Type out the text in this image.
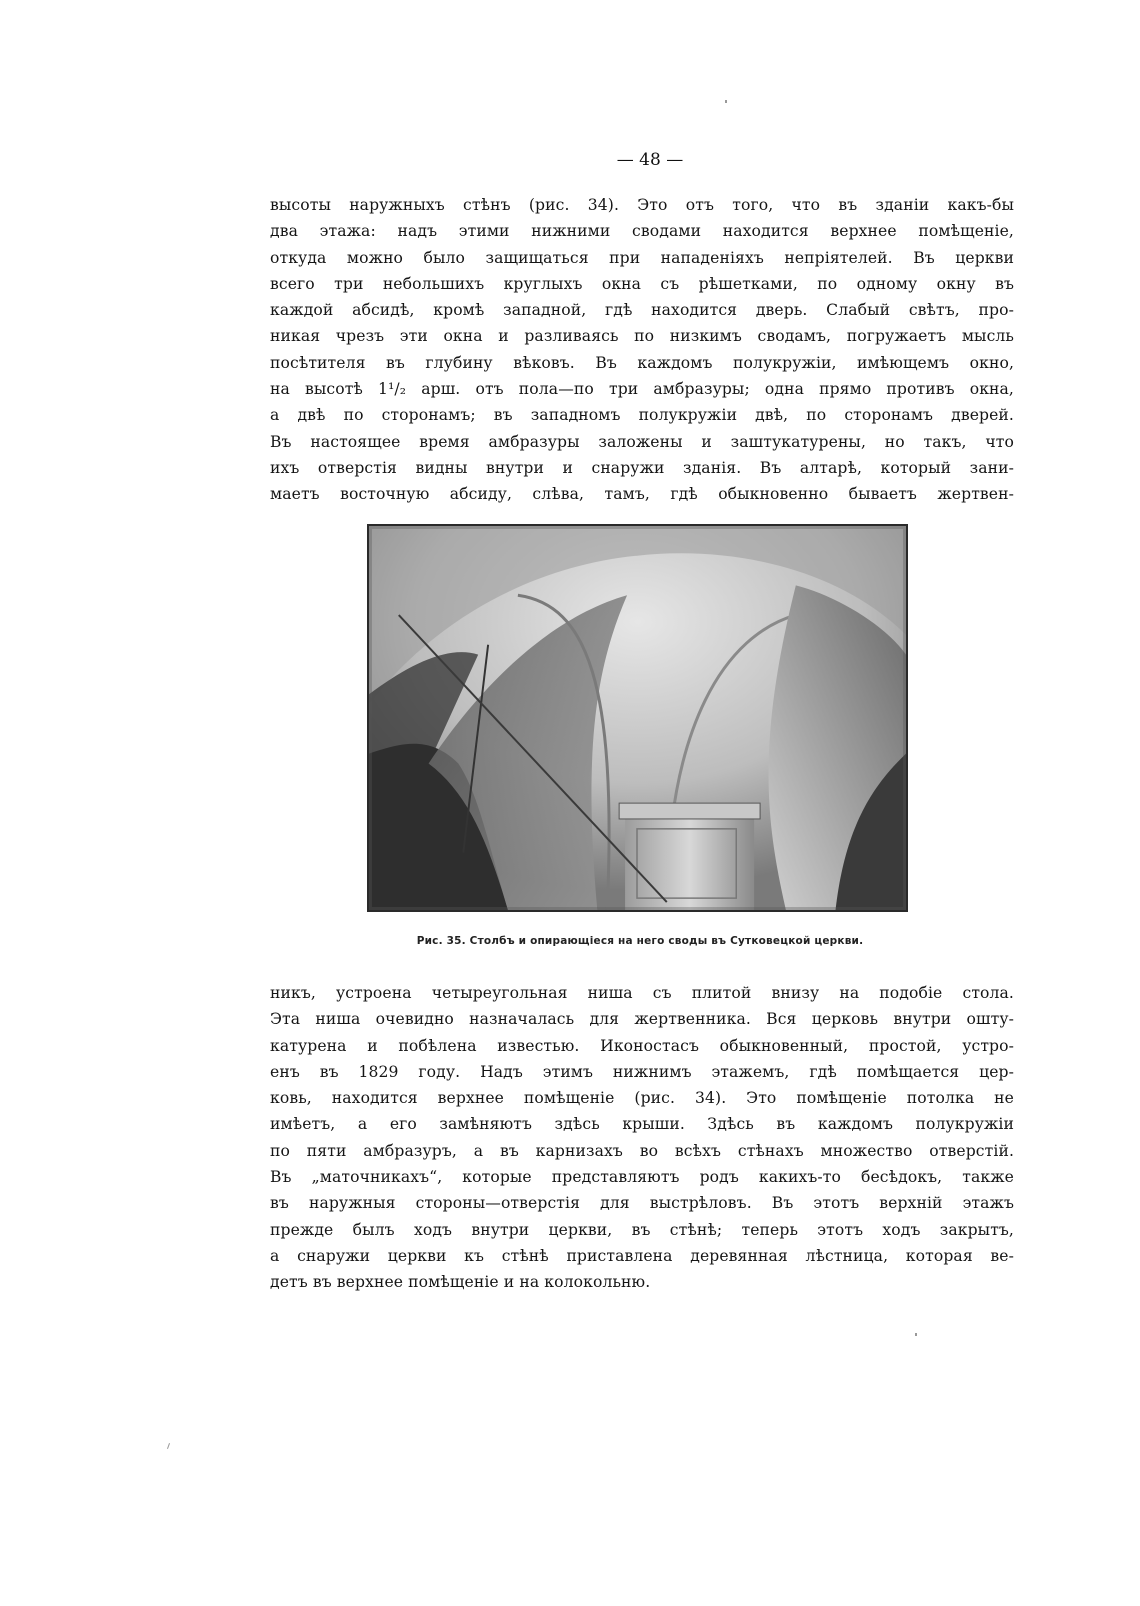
— 48 —
высоты наружныхъ стѣнъ (рис. 34). Это отъ того, что въ зданіи какъ-бы
два этажа: надъ этими нижними сводами находится верхнее помѣщеніе,
откуда можно было защищаться при нападеніяхъ непріятелей. Въ церкви
всего три небольшихъ круглыхъ окна съ рѣшетками, по одному окну въ
каждой абсидѣ, кромѣ западной, гдѣ находится дверь. Слабый свѣтъ, про-
никая чрезъ эти окна и разливаясь по низкимъ сводамъ, погружаетъ мысль
посѣтителя въ глубину вѣковъ. Въ каждомъ полукружіи, имѣющемъ окно,
на высотѣ 1¹/₂ арш. отъ пола—по три амбразуры; одна прямо противъ окна,
а двѣ по сторонамъ; въ западномъ полукружіи двѣ, по сторонамъ дверей.
Въ настоящее время амбразуры заложены и заштукатурены, но такъ, что
ихъ отверстія видны внутри и снаружи зданія. Въ алтарѣ, который зани-
маетъ восточную абсиду, слѣва, тамъ, гдѣ обыкновенно бываетъ жертвен-
Рис. 35. Столбъ и опирающіеся на него своды въ Сутковецкой церкви.
никъ, устроена четыреугольная ниша съ плитой внизу на подобіе стола.
Эта ниша очевидно назначалась для жертвенника. Вся церковь внутри ошту-
катурена и побѣлена известью. Иконостасъ обыкновенный, простой, устро-
енъ въ 1829 году. Надъ этимъ нижнимъ этажемъ, гдѣ помѣщается цер-
ковь, находится верхнее помѣщеніе (рис. 34). Это помѣщеніе потолка не
имѣетъ, а его замѣняютъ здѣсь крыши. Здѣсь въ каждомъ полукружіи
по пяти амбразуръ, а въ карнизахъ во всѣхъ стѣнахъ множество отверстій.
Въ „маточникахъ“, которые представляютъ родъ какихъ-то бесѣдокъ, также
въ наружныя стороны—отверстія для выстрѣловъ. Въ этотъ верхній этажъ
прежде былъ ходъ внутри церкви, въ стѣнѣ; теперь этотъ ходъ закрытъ,
а снаружи церкви къ стѣнѣ приставлена деревянная лѣстница, которая ве-
детъ въ верхнее помѣщеніе и на колокольню.
